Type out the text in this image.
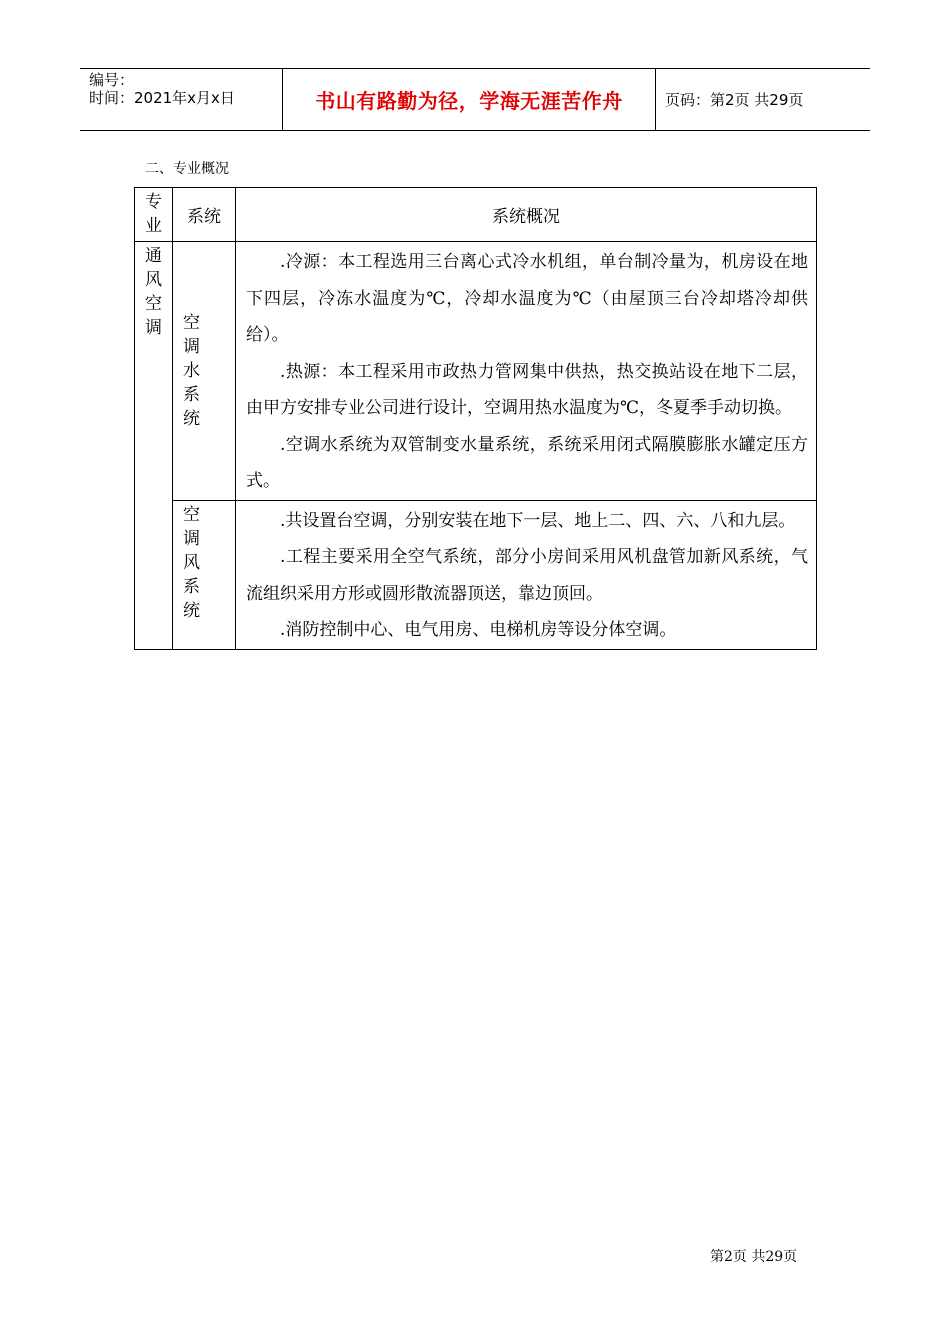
编号：
时间：2021年x月x日	书山有路勤为径，学海无涯苦作舟	页码：第2页 共29页
二、专业概况
专业	系统	系统概况

通风空调	空调水系统	.冷源：本工程选用三台离心式冷水机组，单台制冷量为，机房设在地下四层，冷冻水温度为℃，冷却水温度为℃（由屋顶三台冷却塔冷却供给）。

.热源：本工程采用市政热力管网集中供热，热交换站设在地下二层，由甲方安排专业公司进行设计，空调用热水温度为℃，冬夏季手动切换。

.空调水系统为双管制变水量系统，系统采用闭式隔膜膨胀水罐定压方式。

	空调风系统	.共设置台空调，分别安装在地下一层、地上二、四、六、八和九层。

.工程主要采用全空气系统，部分小房间采用风机盘管加新风系统，气流组织采用方形或圆形散流器顶送，靠边顶回。

.消防控制中心、电气用房、电梯机房等设分体空调。

第2页 共29页
